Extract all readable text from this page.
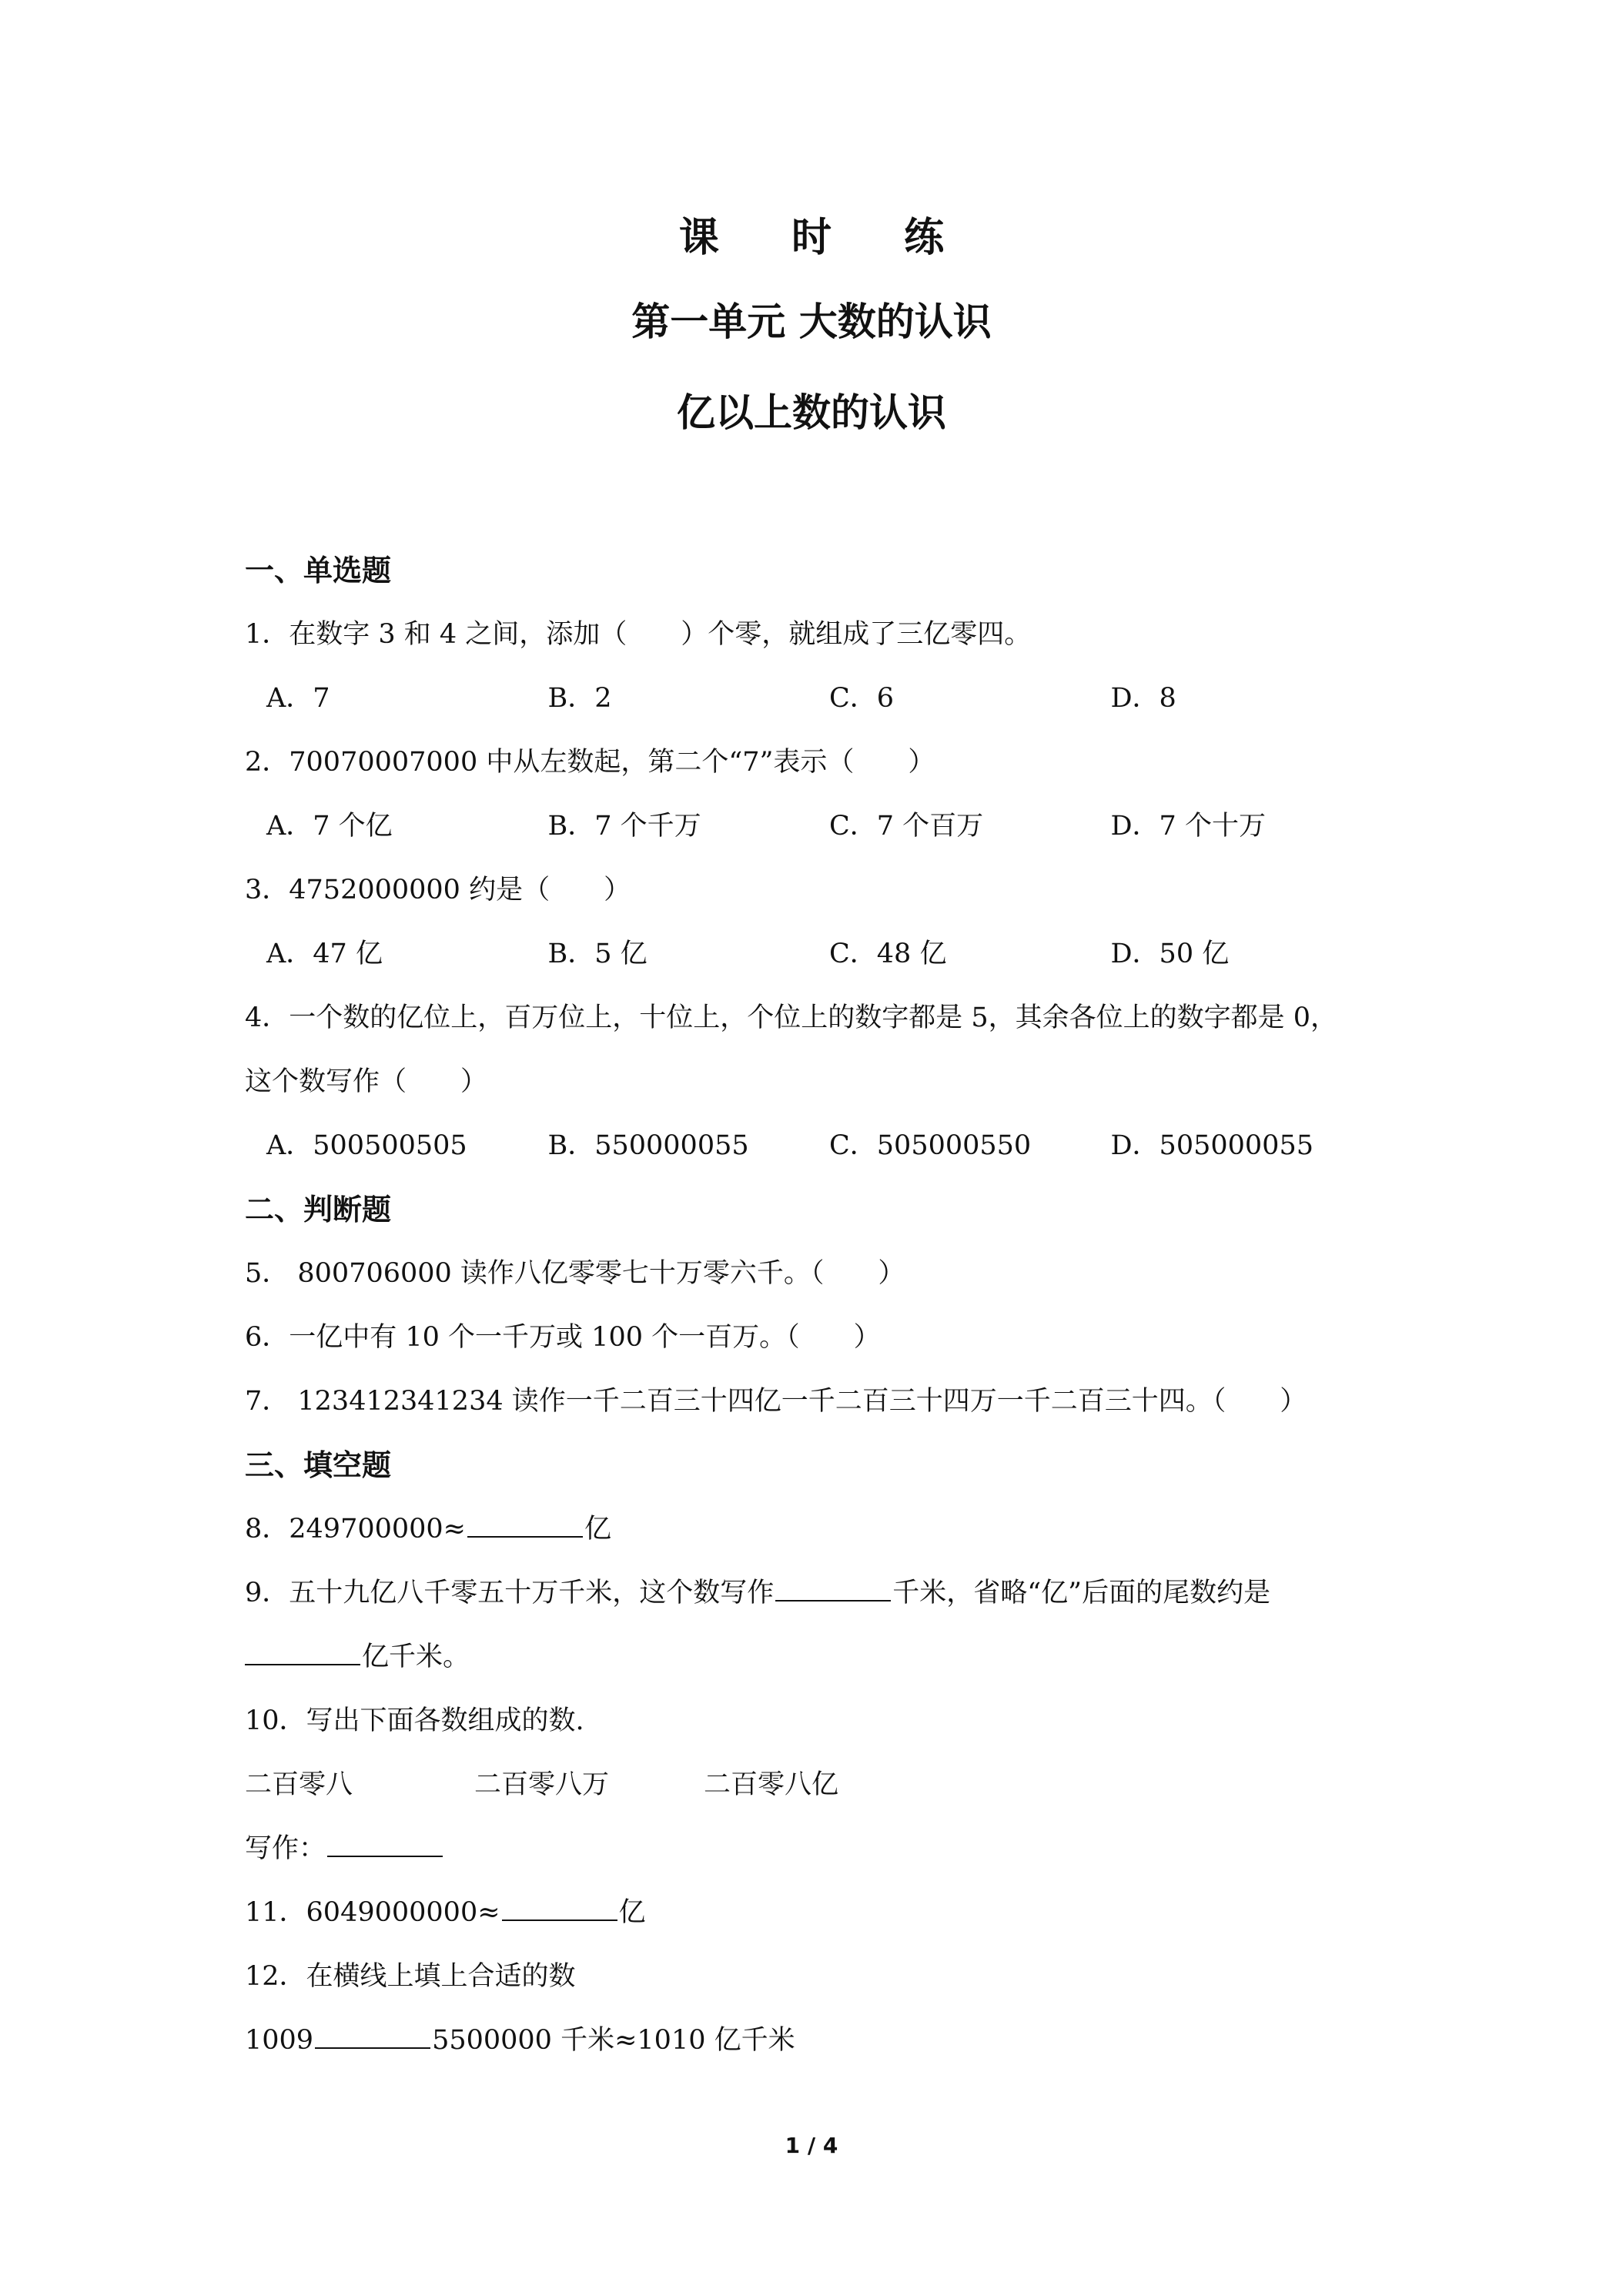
课 时 练
第一单元 大数的认识
亿以上数的认识
一、单选题
1．在数字 3 和 4 之间，添加（　　）个零，就组成了三亿零四。
A．7	B．2	C．6	D．8
2．70070007000 中从左数起，第二个“7”表示（　　）
A．7 个亿	B．7 个千万	C．7 个百万	D．7 个十万
3．4752000000 约是（　　）
A．47 亿	B．5 亿	C．48 亿	D．50 亿
4．一个数的亿位上，百万位上，十位上，个位上的数字都是 5，其余各位上的数字都是 0，
这个数写作（　　）
A．500500505	B．550000055	C．505000550	D．505000055
二、判断题
5． 800706000 读作八亿零零七十万零六千。（　　）
6．一亿中有 10 个一千万或 100 个一百万。（　　）
7． 123412341234 读作一千二百三十四亿一千二百三十四万一千二百三十四。（　　）
三、填空题
8．249700000≈	亿
9．五十九亿八千零五十万千米，这个数写作	千米，省略“亿”后面的尾数约是
亿千米。
10．写出下面各数组成的数.
二百零八	二百零八万	二百零八亿
写作：
11．6049000000≈	亿
12．在横线上填上合适的数
1009	5500000 千米≈1010 亿千米
1 / 4
